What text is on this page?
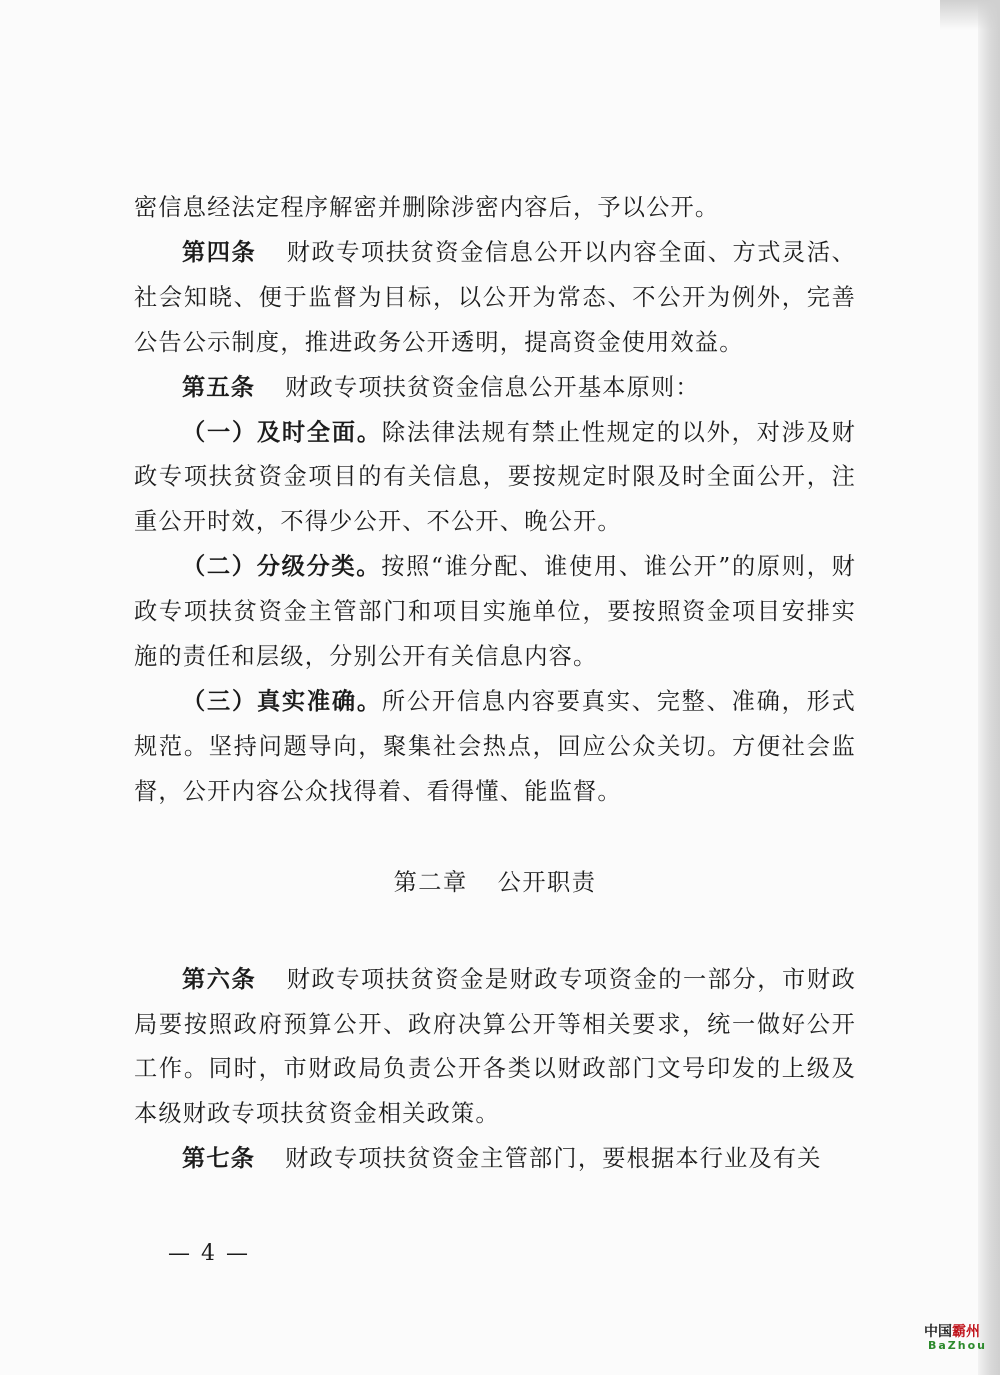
密信息经法定程序解密并删除涉密内容后，予以公开。

第四条 财政专项扶贫资金信息公开以内容全面、方式灵活、社会知晓、便于监督为目标，以公开为常态、不公开为例外，完善公告公示制度，推进政务公开透明，提高资金使用效益。

第五条 财政专项扶贫资金信息公开基本原则：

（一）及时全面。除法律法规有禁止性规定的以外，对涉及财政专项扶贫资金项目的有关信息，要按规定时限及时全面公开，注重公开时效，不得少公开、不公开、晚公开。

（二）分级分类。按照“谁分配、谁使用、谁公开”的原则，财政专项扶贫资金主管部门和项目实施单位，要按照资金项目安排实施的责任和层级，分别公开有关信息内容。

（三）真实准确。所公开信息内容要真实、完整、准确，形式规范。坚持问题导向，聚集社会热点，回应公众关切。方便社会监督，公开内容公众找得着、看得懂、能监督。

第二章 公开职责

第六条 财政专项扶贫资金是财政专项资金的一部分，市财政局要按照政府预算公开、政府决算公开等相关要求，统一做好公开工作。同时，市财政局负责公开各类以财政部门文号印发的上级及本级财政专项扶贫资金相关政策。

第七条 财政专项扶贫资金主管部门，要根据本行业及有关

— 4 —
中国霸州
BaZhou
